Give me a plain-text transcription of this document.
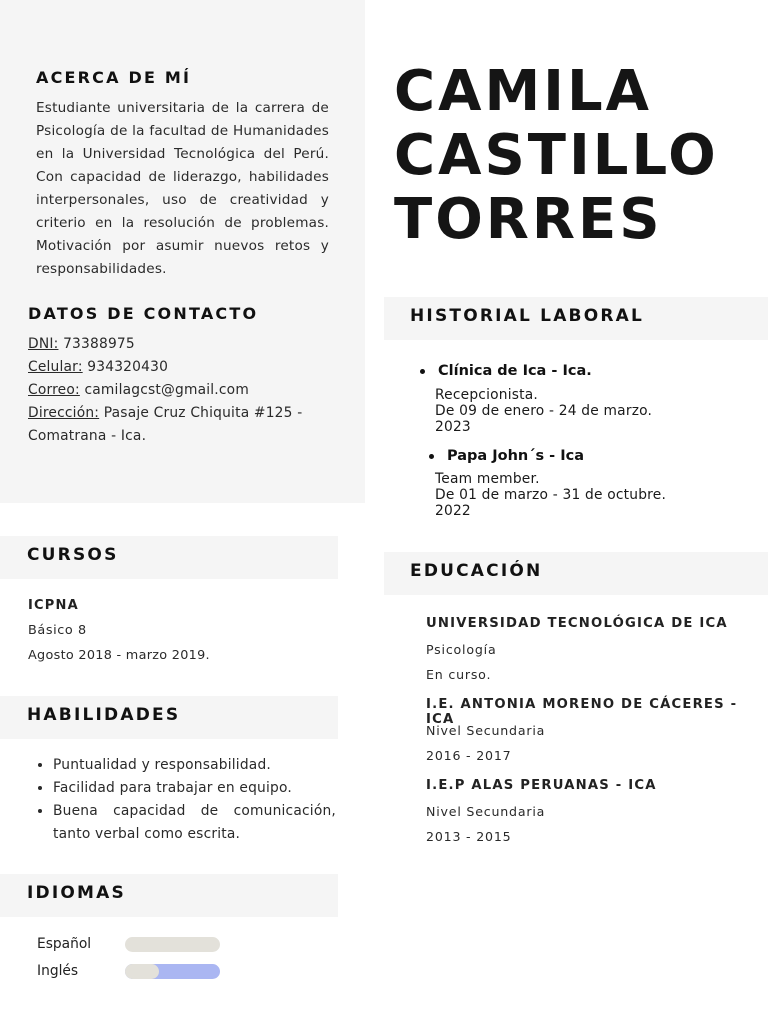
CAMILA
CASTILLO
TORRES
ACERCA DE MÍ
Estudiante universitaria de la carrera de Psicología de la facultad de Humanidades en la Universidad Tecnológica del Perú. Con capacidad de liderazgo, habilidades interpersonales, uso de creatividad y criterio en la resolución de problemas. Motivación por asumir nuevos retos y responsabilidades.
DATOS DE CONTACTO
DNI: 73388975
Celular: 934320430
Correo: camilagcst@gmail.com
Dirección: Pasaje Cruz Chiquita #125 -
Comatrana - Ica.
CURSOS
ICPNA
Básico 8
Agosto 2018 - marzo 2019.
HABILIDADES
• Puntualidad y responsabilidad.
• Facilidad para trabajar en equipo.
• Buena capacidad de comunicación, tanto verbal como escrita.
IDIOMAS
Español
Inglés
HISTORIAL LABORAL
Clínica de Ica - Ica.
Recepcionista.
De 09 de enero - 24 de marzo.
2023
Papa John´s - Ica
Team member.
De 01 de marzo - 31 de octubre.
2022
EDUCACIÓN
UNIVERSIDAD TECNOLÓGICA DE ICA
Psicología
En curso.
I.E. ANTONIA MORENO DE CÁCERES - ICA
Nivel Secundaria
2016 - 2017
I.E.P ALAS PERUANAS - ICA
Nivel Secundaria
2013 - 2015
